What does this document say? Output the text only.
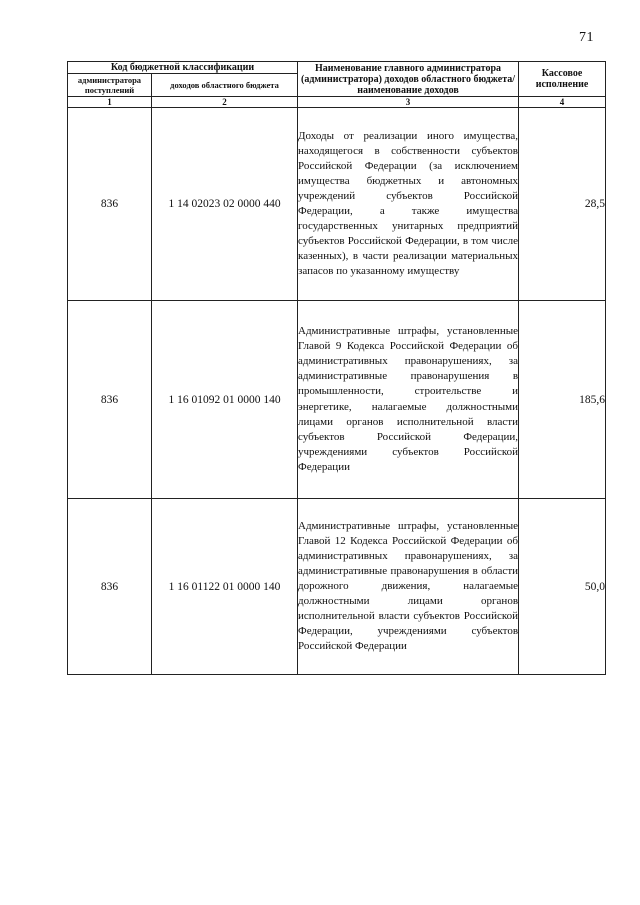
71
Код бюджетной классификации		Наименование главного администратора (администратора) доходов областного бюджета/ наименование доходов	Кассовое исполнение
администратора поступлений	доходов областного бюджета		
1	2	3	4
836	1 14 02023 02 0000 440	Доходы от реализации иного имущества, находящегося в собственности субъектов Российской Федерации (за исключением имущества бюджетных и автономных учреждений субъектов Российской Федерации, а также имущества государственных унитарных предприятий субъектов Российской Федерации, в том числе казенных), в части реализации материальных запасов по указанному имуществу	28,5
836	1 16 01092 01 0000 140	Административные штрафы, установленные Главой 9 Кодекса Российской Федерации об административных правонарушениях, за административные правонарушения в промышленности, строительстве и энергетике, налагаемые должностными лицами органов исполнительной власти субъектов Российской Федерации, учреждениями субъектов Российской Федерации	185,6
836	1 16 01122 01 0000 140	Административные штрафы, установленные Главой 12 Кодекса Российской Федерации об административных правонарушениях, за административные правонарушения в области дорожного движения, налагаемые должностными лицами органов исполнительной власти субъектов Российской Федерации, учреждениями субъектов Российской Федерации	50,0
